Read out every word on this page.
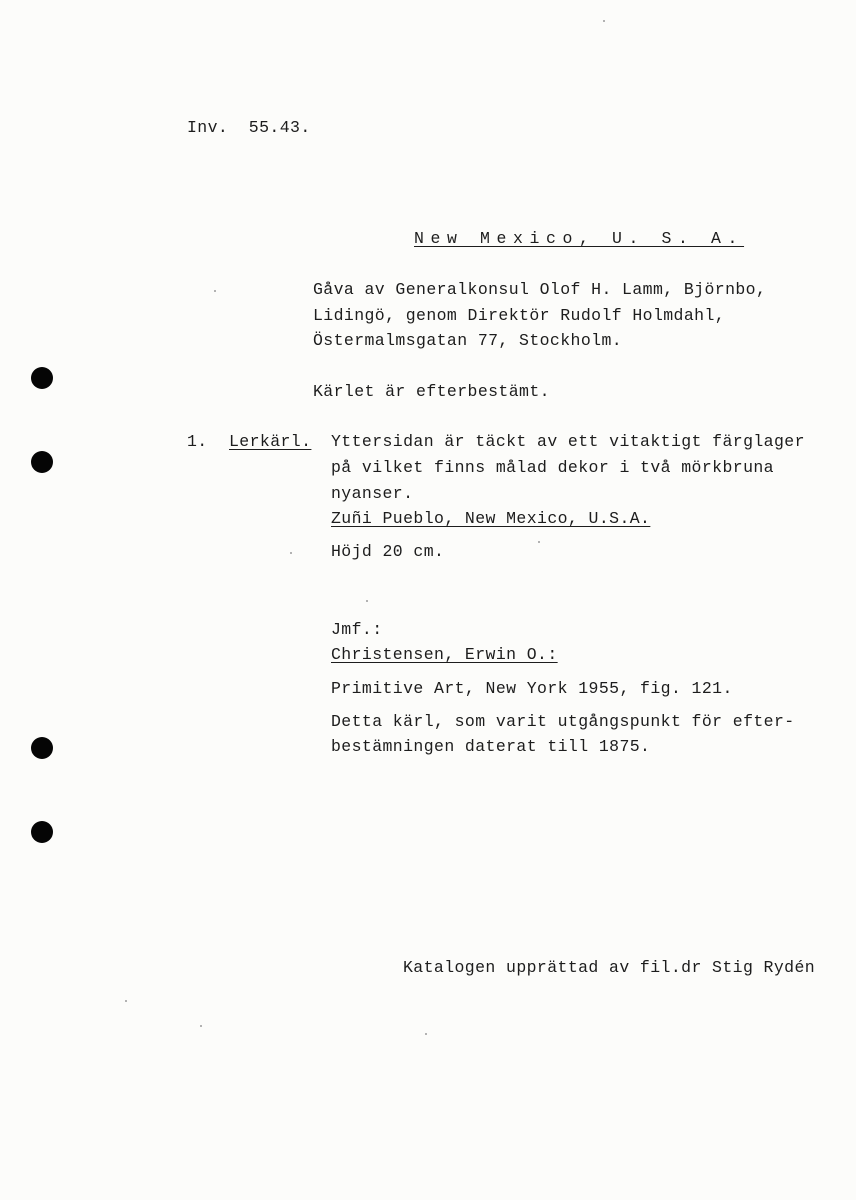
Inv.  55.43.
New Mexico, U. S. A.
Gåva av Generalkonsul Olof H. Lamm, Björnbo,
Lidingö, genom Direktör Rudolf Holmdahl,
Östermalmsgatan 77, Stockholm.
Kärlet är efterbestämt.
1. Lerkärl. Yttersidan är täckt av ett vitaktigt färglager
på vilket finns målad dekor i två mörkbruna
nyanser.
Zuñi Pueblo, New Mexico, U.S.A.
Höjd 20 cm.
Jmf.:
Christensen, Erwin O.:
Primitive Art, New York 1955, fig. 121.
Detta kärl, som varit utgångspunkt för efter-
bestämningen daterat till 1875.
Katalogen upprättad av fil.dr Stig Rydén
